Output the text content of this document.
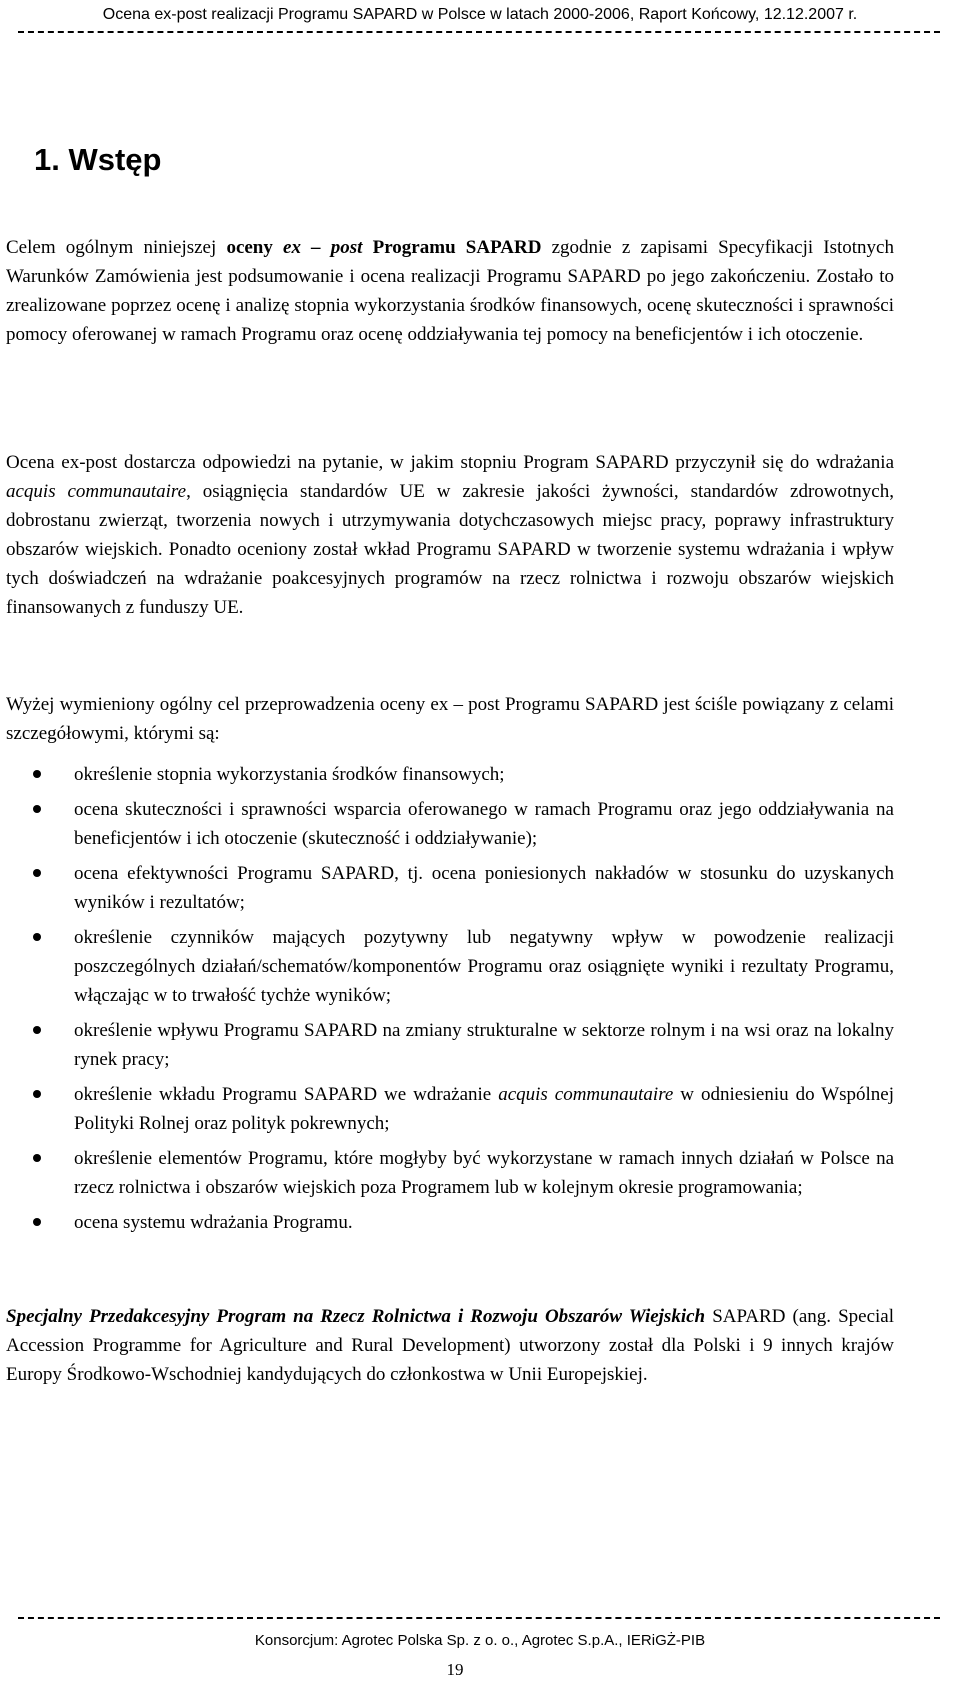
Ocena ex-post realizacji Programu SAPARD w Polsce w latach 2000-2006, Raport Końcowy, 12.12.2007 r.
1. Wstęp

Celem ogólnym niniejszej oceny ex – post Programu SAPARD zgodnie z zapisami Specyfikacji Istotnych Warunków Zamówienia jest podsumowanie i ocena realizacji Programu SAPARD po jego zakończeniu. Zostało to zrealizowane poprzez ocenę i analizę stopnia wykorzystania środków finansowych, ocenę skuteczności i sprawności pomocy oferowanej w ramach Programu oraz ocenę oddziaływania tej pomocy na beneficjentów i ich otoczenie.

Ocena ex-post dostarcza odpowiedzi na pytanie, w jakim stopniu Program SAPARD przyczynił się do wdrażania acquis communautaire, osiągnięcia standardów UE w zakresie jakości żywności, standardów zdrowotnych, dobrostanu zwierząt, tworzenia nowych i utrzymywania dotychczasowych miejsc pracy, poprawy infrastruktury obszarów wiejskich. Ponadto oceniony został wkład Programu SAPARD w tworzenie systemu wdrażania i wpływ tych doświadczeń na wdrażanie poakcesyjnych programów na rzecz rolnictwa i rozwoju obszarów wiejskich finansowanych z funduszy UE.

Wyżej wymieniony ogólny cel przeprowadzenia oceny ex – post Programu SAPARD jest ściśle powiązany z celami szczegółowymi, którymi są:

określenie stopnia wykorzystania środków finansowych;
ocena skuteczności i sprawności wsparcia oferowanego w ramach Programu oraz jego oddziaływania na beneficjentów i ich otoczenie (skuteczność i oddziaływanie);
ocena efektywności Programu SAPARD, tj. ocena poniesionych nakładów w stosunku do uzyskanych wyników i rezultatów;
określenie czynników mających pozytywny lub negatywny wpływ w powodzenie realizacji poszczególnych działań/schematów/komponentów Programu oraz osiągnięte wyniki i rezultaty Programu, włączając w to trwałość tychże wyników;
określenie wpływu Programu SAPARD na zmiany strukturalne w sektorze rolnym i na wsi oraz na lokalny rynek pracy;
określenie wkładu Programu SAPARD we wdrażanie acquis communautaire w odniesieniu do Wspólnej Polityki Rolnej oraz polityk pokrewnych;
określenie elementów Programu, które mogłyby być wykorzystane w ramach innych działań w Polsce na rzecz rolnictwa i obszarów wiejskich poza Programem lub w kolejnym okresie programowania;
ocena systemu wdrażania Programu.

Specjalny Przedakcesyjny Program na Rzecz Rolnictwa i Rozwoju Obszarów Wiejskich SAPARD (ang. Special Accession Programme for Agriculture and Rural Development) utworzony został dla Polski i 9 innych krajów Europy Środkowo-Wschodniej kandydujących do członkostwa w Unii Europejskiej.

Konsorcjum: Agrotec Polska Sp. z o. o., Agrotec S.p.A., IERiGŻ-PIB
19
